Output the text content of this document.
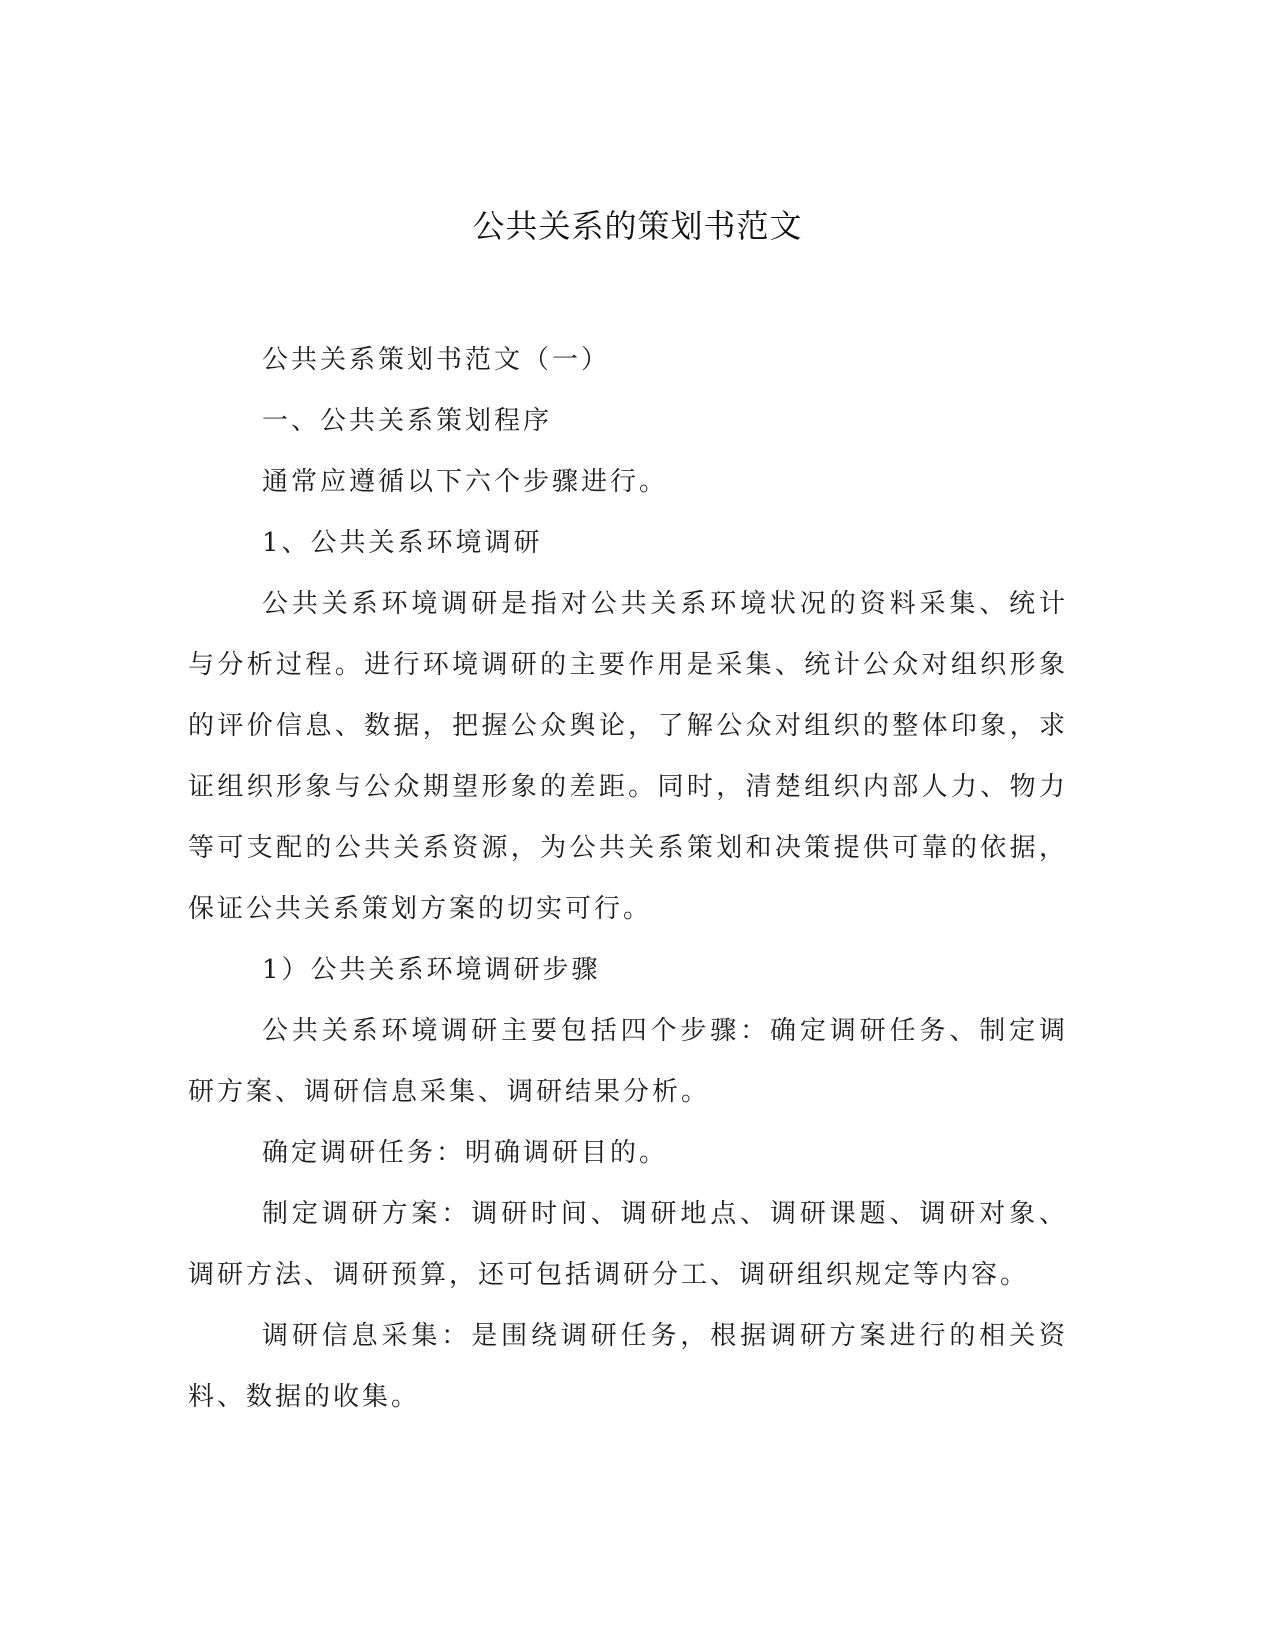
公共关系的策划书范文

公共关系策划书范文（一）

一、公共关系策划程序

通常应遵循以下六个步骤进行。

1、公共关系环境调研

公共关系环境调研是指对公共关系环境状况的资料采集、统计与分析过程。进行环境调研的主要作用是采集、统计公众对组织形象的评价信息、数据，把握公众舆论，了解公众对组织的整体印象，求证组织形象与公众期望形象的差距。同时，清楚组织内部人力、物力等可支配的公共关系资源，为公共关系策划和决策提供可靠的依据，保证公共关系策划方案的切实可行。

1）公共关系环境调研步骤

公共关系环境调研主要包括四个步骤：确定调研任务、制定调研方案、调研信息采集、调研结果分析。

确定调研任务：明确调研目的。

制定调研方案：调研时间、调研地点、调研课题、调研对象、调研方法、调研预算，还可包括调研分工、调研组织规定等内容。

调研信息采集：是围绕调研任务，根据调研方案进行的相关资料、数据的收集。
